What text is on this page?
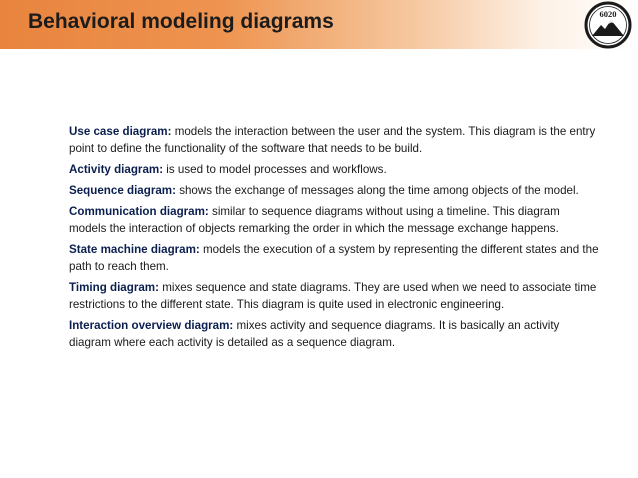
Behavioral modeling diagrams	6020

Use case diagram: models the interaction between the user and the system. This diagram is the entry point to define the functionality of the software that needs to be build.

Activity diagram: is used to model processes and workflows.

Sequence diagram: shows the exchange of messages along the time among objects of the model.

Communication diagram: similar to sequence diagrams without using a timeline. This diagram models the interaction of objects remarking the order in which the message exchange happens.

State machine diagram: models the execution of a system by representing the different states and the path to reach them.

Timing diagram: mixes sequence and state diagrams. They are used when we need to associate time restrictions to the different state. This diagram is quite used in electronic engineering.

Interaction overview diagram: mixes activity and sequence diagrams. It is basically an activity diagram where each activity is detailed as a sequence diagram.
